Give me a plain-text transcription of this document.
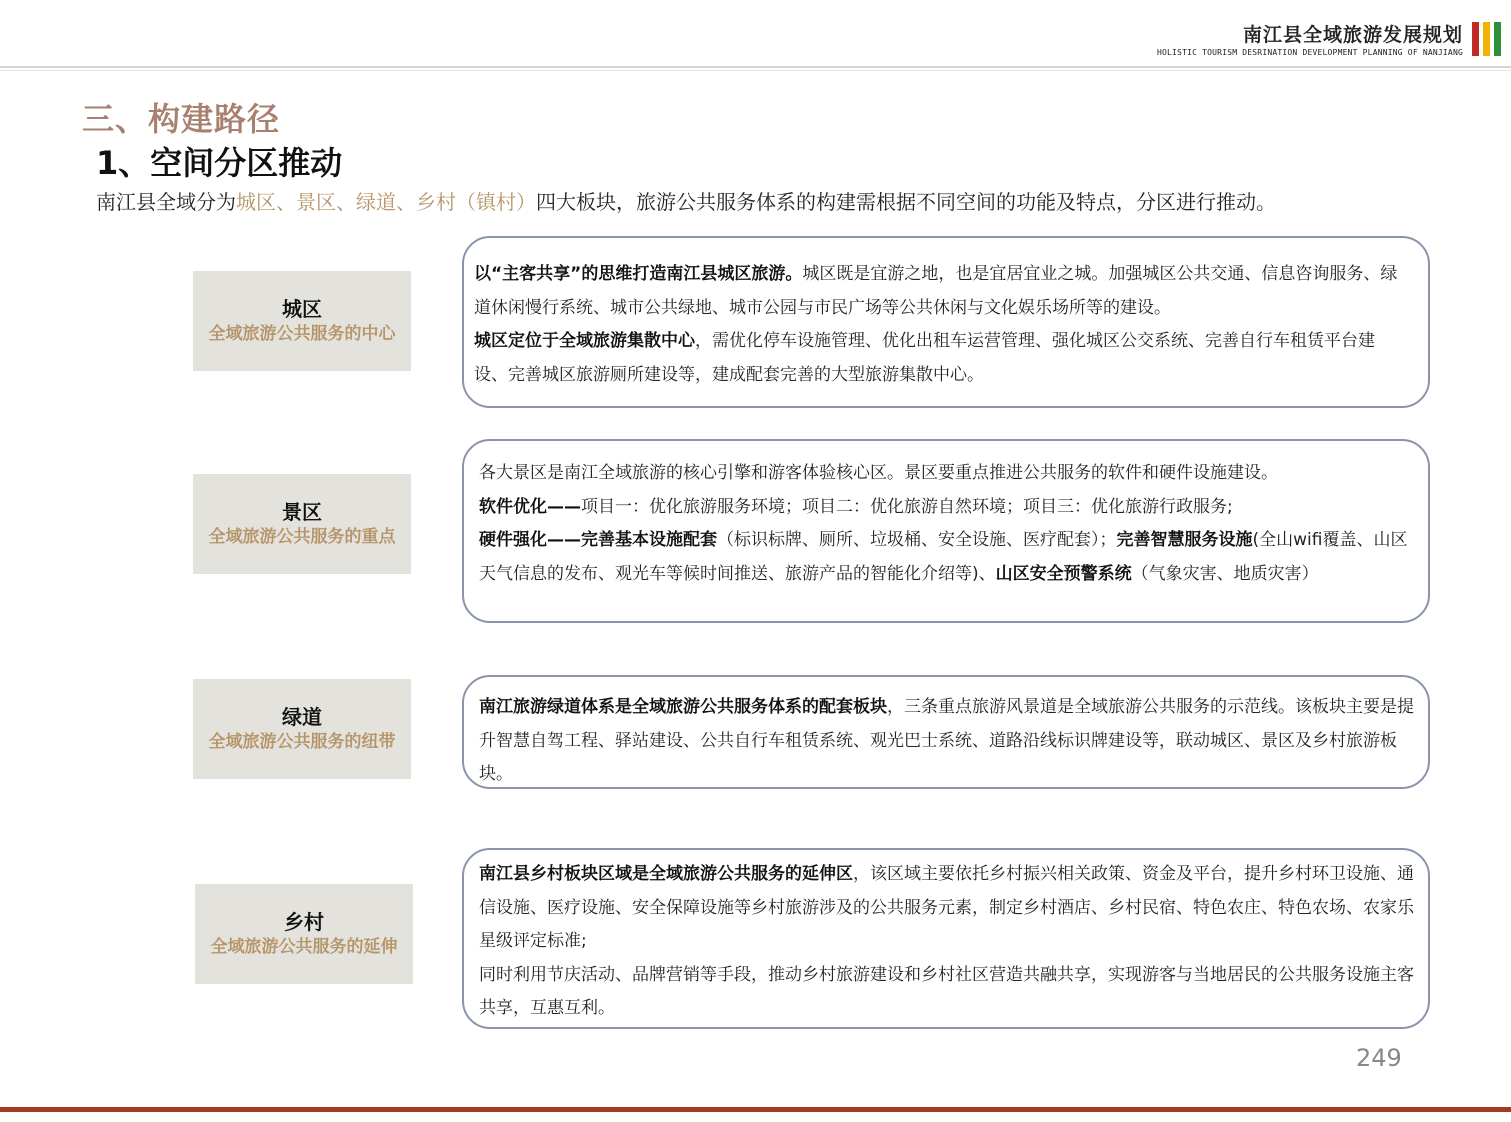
南江县全域旅游发展规划
HOLISTIC TOURISM DESRINATION DEVELOPMENT PLANNING OF NANJIANG
三、构建路径
1、空间分区推动
南江县全域分为城区、景区、绿道、乡村（镇村）四大板块，旅游公共服务体系的构建需根据不同空间的功能及特点，分区进行推动。
城区
全域旅游公共服务的中心

以“主客共享”的思维打造南江县城区旅游。城区既是宜游之地，也是宜居宜业之城。加强城区公共交通、信息咨询服务、绿道休闲慢行系统、城市公共绿地、城市公园与市民广场等公共休闲与文化娱乐场所等的建设。

城区定位于全域旅游集散中心，需优化停车设施管理、优化出租车运营管理、强化城区公交系统、完善自行车租赁平台建设、完善城区旅游厕所建设等，建成配套完善的大型旅游集散中心。

景区
全域旅游公共服务的重点

各大景区是南江全域旅游的核心引擎和游客体验核心区。景区要重点推进公共服务的软件和硬件设施建设。

软件优化——项目一：优化旅游服务环境；项目二：优化旅游自然环境；项目三：优化旅游行政服务;

硬件强化——完善基本设施配套（标识标牌、厕所、垃圾桶、安全设施、医疗配套）；完善智慧服务设施(全山wifi覆盖、山区天气信息的发布、观光车等候时间推送、旅游产品的智能化介绍等)、山区安全预警系统（气象灾害、地质灾害）

绿道
全域旅游公共服务的纽带

南江旅游绿道体系是全域旅游公共服务体系的配套板块，三条重点旅游风景道是全域旅游公共服务的示范线。该板块主要是提升智慧自驾工程、驿站建设、公共自行车租赁系统、观光巴士系统、道路沿线标识牌建设等，联动城区、景区及乡村旅游板块。

乡村
全域旅游公共服务的延伸

南江县乡村板块区域是全域旅游公共服务的延伸区，该区域主要依托乡村振兴相关政策、资金及平台，提升乡村环卫设施、通信设施、医疗设施、安全保障设施等乡村旅游涉及的公共服务元素，制定乡村酒店、乡村民宿、特色农庄、特色农场、农家乐星级评定标准;

同时利用节庆活动、品牌营销等手段，推动乡村旅游建设和乡村社区营造共融共享，实现游客与当地居民的公共服务设施主客共享，互惠互利。

249
